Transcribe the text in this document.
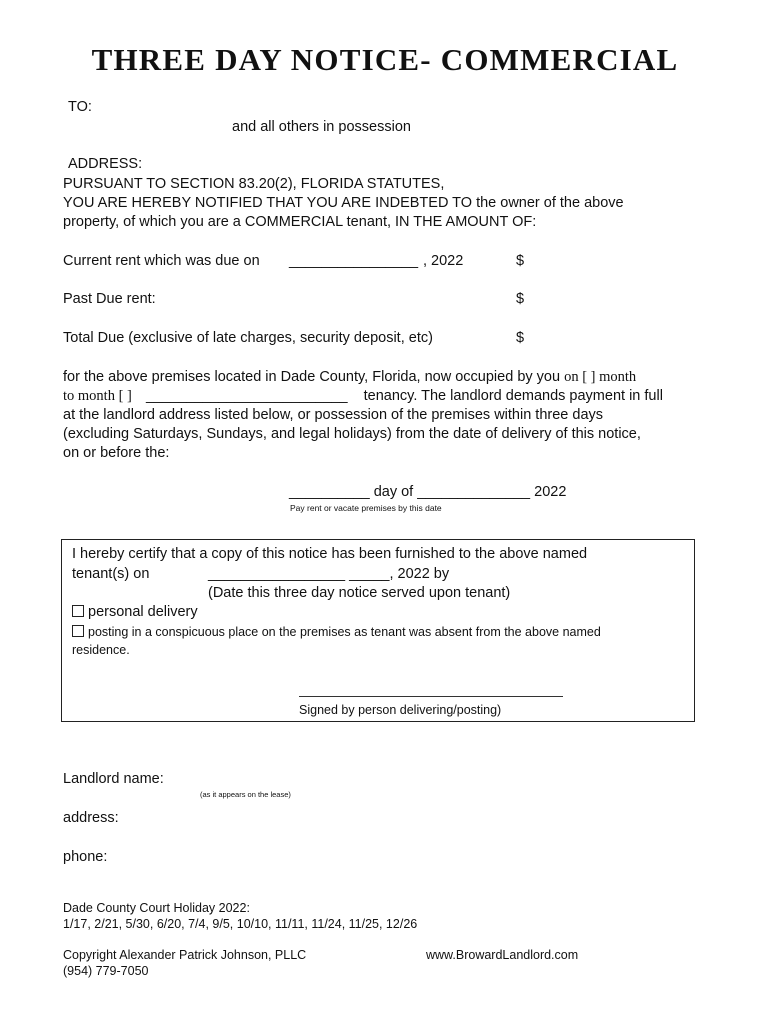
THREE DAY NOTICE- COMMERCIAL
TO:
and all others in possession
ADDRESS:
PURSUANT TO SECTION 83.20(2), FLORIDA STATUTES,
YOU ARE HEREBY NOTIFIED THAT YOU ARE INDEBTED TO the owner of the above
property, of which you are a COMMERCIAL tenant, IN THE AMOUNT OF:
Current rent which was due on ________________ , 2022	$
Past Due rent:	$
Total Due (exclusive of late charges, security deposit, etc)	$
for the above premises located in Dade County, Florida, now occupied by you on [ ] month
to month [ ] _________________________ tenancy. The landlord demands payment in full
at the landlord address listed below, or possession of the premises within three days
(excluding Saturdays, Sundays, and legal holidays) from the date of delivery of this notice,
on or before the:
__________ day of ______________ 2022
Pay rent or vacate premises by this date
I hereby certify that a copy of this notice has been furnished to the above named
tenant(s) on	_________________ _____, 2022 by
(Date this three day notice served upon tenant)
personal delivery
posting in a conspicuous place on the premises as tenant was absent from the above named
residence.
Signed by person delivering/posting)
Landlord name:
(as it appears on the lease)
address:
phone:
Dade County Court Holiday 2022:
1/17, 2/21, 5/30, 6/20, 7/4, 9/5, 10/10, 11/11, 11/24, 11/25, 12/26
Copyright Alexander Patrick Johnson, PLLC
(954) 779-7050
www.BrowardLandlord.com
